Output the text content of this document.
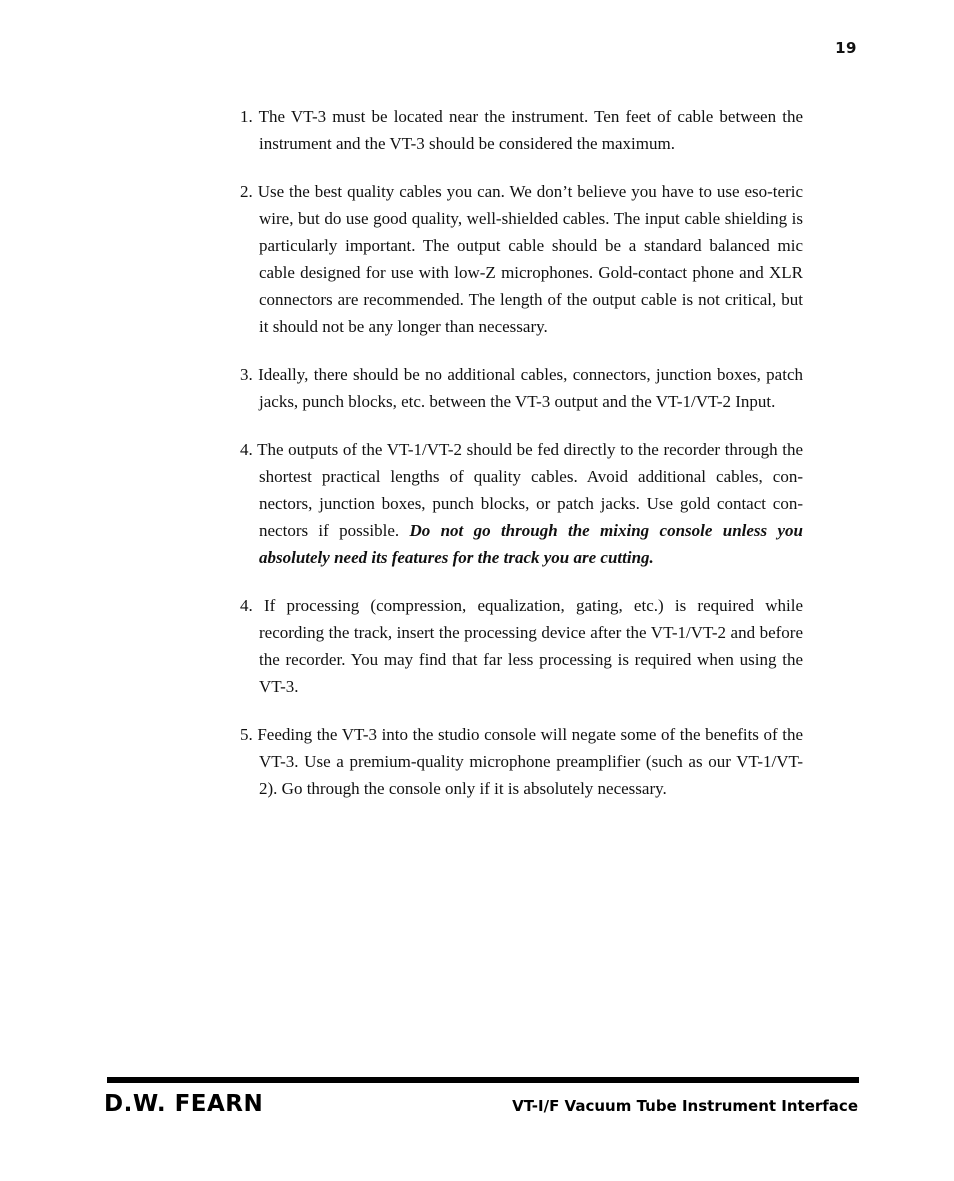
19

1. The VT-3 must be located near the instrument. Ten feet of cable between the instrument and the VT-3 should be considered the maximum.

2. Use the best quality cables you can. We don’t believe you have to use eso-teric wire, but do use good quality, well-shielded cables. The input cable shielding is particularly important. The output cable should be a standard balanced mic cable designed for use with low-Z microphones. Gold-contact phone and XLR connectors are recommended. The length of the output cable is not critical, but it should not be any longer than necessary.

3. Ideally, there should be no additional cables, connectors, junction boxes, patch jacks, punch blocks, etc. between the VT-3 output and the VT-1/VT-2 Input.

4. The outputs of the VT-1/VT-2 should be fed directly to the recorder through the shortest practical lengths of quality cables. Avoid additional cables, con-nectors, junction boxes, punch blocks, or patch jacks. Use gold contact con-nectors if possible. Do not go through the mixing console unless you absolutely need its features for the track you are cutting.

4. If processing (compression, equalization, gating, etc.) is required while recording the track, insert the processing device after the VT-1/VT-2 and before the recorder. You may find that far less processing is required when using the VT-3.

5. Feeding the VT-3 into the studio console will negate some of the benefits of the VT-3. Use a premium-quality microphone preamplifier (such as our VT-1/VT-2). Go through the console only if it is absolutely necessary.

D.W. FEARN	VT-I/F Vacuum Tube Instrument Interface
